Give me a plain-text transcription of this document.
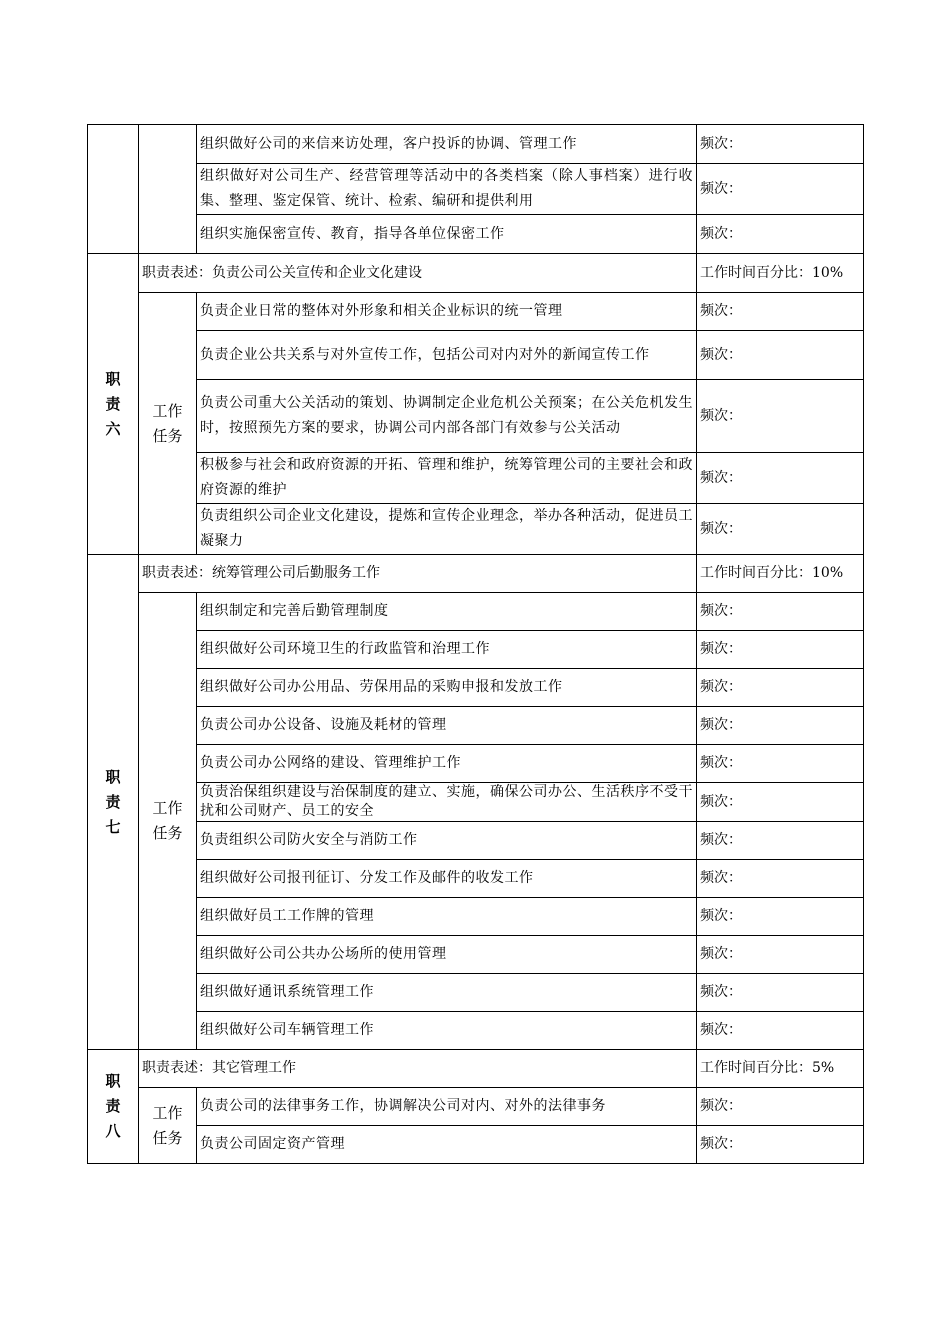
		组织做好公司的来信来访处理，客户投诉的协调、管理工作	频次：
		组织做好对公司生产、经营管理等活动中的各类档案（除人事档案）进行收集、整理、鉴定保管、统计、检索、编研和提供利用	频次：
		组织实施保密宣传、教育，指导各单位保密工作	频次：

职责六	职责表述：负责公司公关宣传和企业文化建设		工作时间百分比：10%

	工作任务	负责企业日常的整体对外形象和相关企业标识的统一管理	频次：
		负责企业公共关系与对外宣传工作，包括公司对内对外的新闻宣传工作	频次：
		负责公司重大公关活动的策划、协调制定企业危机公关预案；在公关危机发生时，按照预先方案的要求，协调公司内部各部门有效参与公关活动	频次：
		积极参与社会和政府资源的开拓、管理和维护，统筹管理公司的主要社会和政府资源的维护	频次：
		负责组织公司企业文化建设，提炼和宣传企业理念，举办各种活动，促进员工凝聚力	频次：

职责七	职责表述：统筹管理公司后勤服务工作		工作时间百分比：10%

	工作任务	组织制定和完善后勤管理制度	频次：
		组织做好公司环境卫生的行政监管和治理工作	频次：
		组织做好公司办公用品、劳保用品的采购申报和发放工作	频次：
		负责公司办公设备、设施及耗材的管理	频次：
		负责公司办公网络的建设、管理维护工作	频次：
		负责治保组织建设与治保制度的建立、实施，确保公司办公、生活秩序不受干扰和公司财产、员工的安全	频次：
		负责组织公司防火安全与消防工作	频次：
		组织做好公司报刊征订、分发工作及邮件的收发工作	频次：
		组织做好员工工作牌的管理	频次：
		组织做好公司公共办公场所的使用管理	频次：
		组织做好通讯系统管理工作	频次：
		组织做好公司车辆管理工作	频次：

职责八	职责表述：其它管理工作		工作时间百分比：5%

	工作任务	负责公司的法律事务工作，协调解决公司对内、对外的法律事务	频次：
		负责公司固定资产管理	频次：
